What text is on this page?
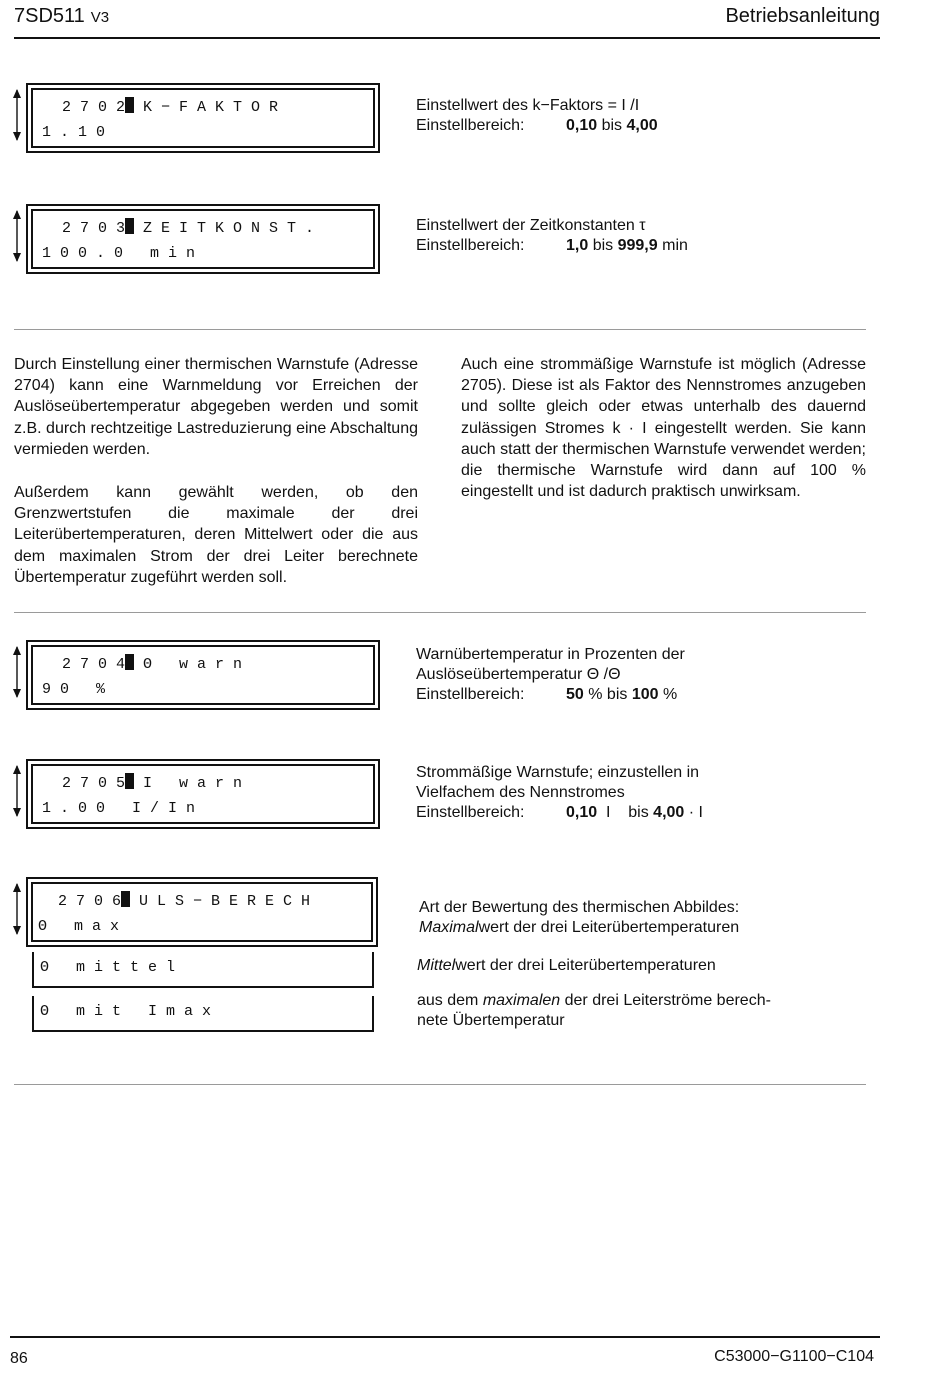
7SD511 V3	Betriebsanleitung
2 7 0 2 K − F A K T O R
1 . 1 0
Einstellwert des k−Faktors = I /I
Einstellbereich:	0,10 bis 4,00
2 7 0 3 Z E I T K O N S T .
1 0 0 . 0   m i n
Einstellwert der Zeitkonstanten τ
Einstellbereich:	1,0 bis 999,9 min

Durch Einstellung einer thermischen Warnstufe (Adresse 2704) kann eine Warnmeldung vor Erreichen der Auslöseübertemperatur abgegeben werden und somit z.B. durch rechtzeitige Lastreduzierung eine Abschaltung vermieden werden.

Außerdem kann gewählt werden, ob den Grenzwertstufen die maximale der drei Leiterübertemperaturen, deren Mittelwert oder die aus dem maximalen Strom der drei Leiter berechnete Übertemperatur zugeführt werden soll.

Auch eine strommäßige Warnstufe ist möglich (Adresse 2705). Diese ist als Faktor des Nennstromes anzugeben und sollte gleich oder etwas unterhalb des dauernd zulässigen Stromes k · I eingestellt werden. Sie kann auch statt der thermischen Warnstufe verwendet werden; die thermische Warnstufe wird dann auf 100 % eingestellt und ist dadurch praktisch unwirksam.

2 7 0 4 Θ   w a r n
9 0   %
Warnübertemperatur in Prozenten der
Auslöseübertemperatur Θ /Θ
Einstellbereich:	50 % bis 100 %
2 7 0 5 I   w a r n
1 . 0 0   I / I n
Strommäßige Warnstufe; einzustellen in
Vielfachem des Nennstromes
Einstellbereich:	0,10  I    bis 4,00 · I
2 7 0 6 U L S − B E R E C H
Θ   m a x
Art der Bewertung des thermischen Abbildes:
Maximalwert der drei Leiterübertemperaturen
Θ   m i t t e l	Mittelwert der drei Leiterübertemperaturen
Θ   m i t   I m a x
aus dem maximalen der drei Leiterströme berech-
nete Übertemperatur
86	C53000−G1100−C104
